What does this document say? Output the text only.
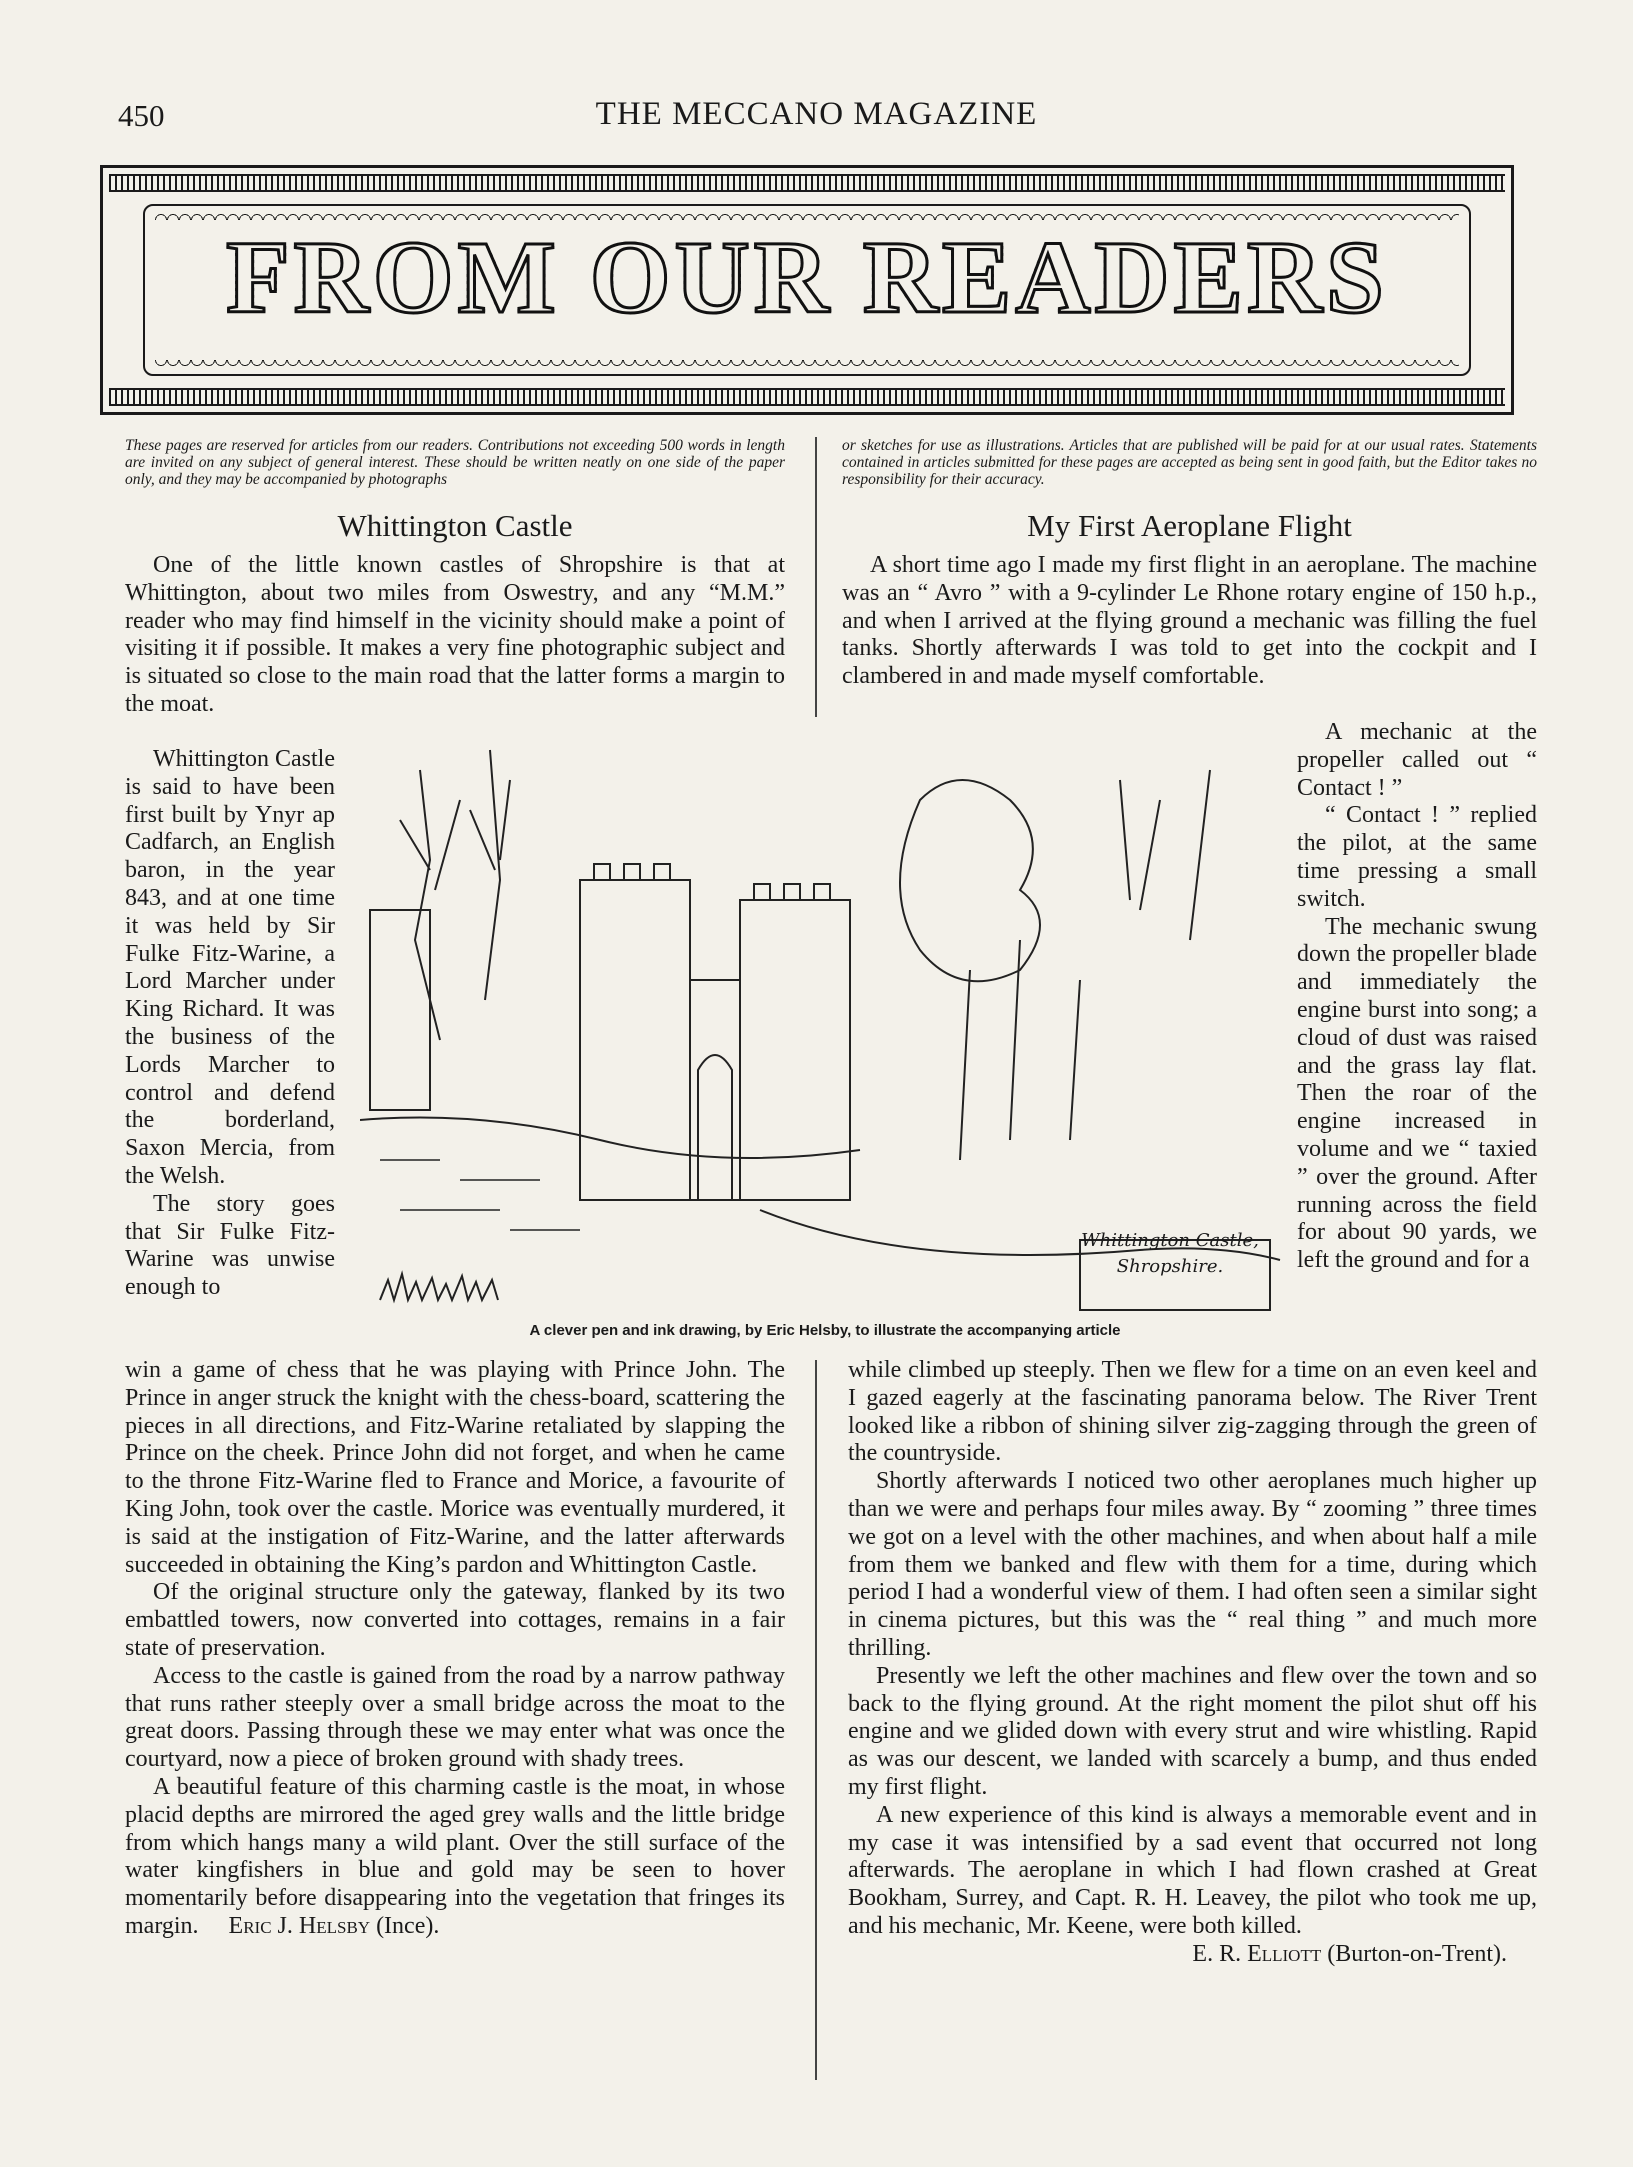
450	THE MECCANO MAGAZINE
FROM OUR READERS
These pages are reserved for articles from our readers. Contributions not exceeding 500 words in length are invited on any subject of general interest. These should be written neatly on one side of the paper only, and they may be accompanied by photographs
or sketches for use as illustrations. Articles that are published will be paid for at our usual rates. Statements contained in articles submitted for these pages are accepted as being sent in good faith, but the Editor takes no responsibility for their accuracy.
Whittington Castle	My First Aeroplane Flight

One of the little known castles of Shropshire is that at Whittington, about two miles from Oswestry, and any “M.M.” reader who may find himself in the vicinity should make a point of visiting it if possible. It makes a very fine photographic subject and is situated so close to the main road that the latter forms a margin to the moat.

Whittington Castle is said to have been first built by Ynyr ap Cadfarch, an English baron, in the year 843, and at one time it was held by Sir Fulke Fitz-Warine, a Lord Marcher under King Richard. It was the business of the Lords Marcher to control and defend the borderland, Saxon Mercia, from the Welsh.

The story goes that Sir Fulke Fitz-Warine was unwise enough to

win a game of chess that he was playing with Prince John. The Prince in anger struck the knight with the chess-board, scattering the pieces in all directions, and Fitz-Warine retaliated by slapping the Prince on the cheek. Prince John did not forget, and when he came to the throne Fitz-Warine fled to France and Morice, a favourite of King John, took over the castle. Morice was eventually murdered, it is said at the instigation of Fitz-Warine, and the latter afterwards succeeded in obtaining the King’s pardon and Whittington Castle.

Of the original structure only the gateway, flanked by its two embattled towers, now converted into cottages, remains in a fair state of preservation.

Access to the castle is gained from the road by a narrow pathway that runs rather steeply over a small bridge across the moat to the great doors. Passing through these we may enter what was once the courtyard, now a piece of broken ground with shady trees.

A beautiful feature of this charming castle is the moat, in whose placid depths are mirrored the aged grey walls and the little bridge from which hangs many a wild plant. Over the still surface of the water kingfishers in blue and gold may be seen to hover momentarily before disappearing into the vegetation that fringes its margin. Eric J. Helsby (Ince).

A short time ago I made my first flight in an aeroplane. The machine was an “ Avro ” with a 9-cylinder Le Rhone rotary engine of 150 h.p., and when I arrived at the flying ground a mechanic was filling the fuel tanks. Shortly afterwards I was told to get into the cockpit and I clambered in and made myself comfortable.

A mechanic at the propeller called out “ Contact ! ”

“ Contact ! ” replied the pilot, at the same time pressing a small switch.

The mechanic swung down the propeller blade and immediately the engine burst into song; a cloud of dust was raised and the grass lay flat. Then the roar of the engine increased in volume and we “ taxied ” over the ground. After running across the field for about 90 yards, we left the ground and for a

while climbed up steeply. Then we flew for a time on an even keel and I gazed eagerly at the fascinating panorama below. The River Trent looked like a ribbon of shining silver zig-zagging through the green of the countryside.

Shortly afterwards I noticed two other aeroplanes much higher up than we were and perhaps four miles away. By “ zooming ” three times we got on a level with the other machines, and when about half a mile from them we banked and flew with them for a time, during which period I had a wonderful view of them. I had often seen a similar sight in cinema pictures, but this was the “ real thing ” and much more thrilling.

Presently we left the other machines and flew over the town and so back to the flying ground. At the right moment the pilot shut off his engine and we glided down with every strut and wire whistling. Rapid as was our descent, we landed with scarcely a bump, and thus ended my first flight.

A new experience of this kind is always a memorable event and in my case it was intensified by a sad event that occurred not long afterwards. The aeroplane in which I had flown crashed at Great Bookham, Surrey, and Capt. R. H. Leavey, the pilot who took me up, and his mechanic, Mr. Keene, were both killed.

E. R. Elliott (Burton-on-Trent).

Whittington Castle,
Shropshire.
A clever pen and ink drawing, by Eric Helsby, to illustrate the accompanying article
